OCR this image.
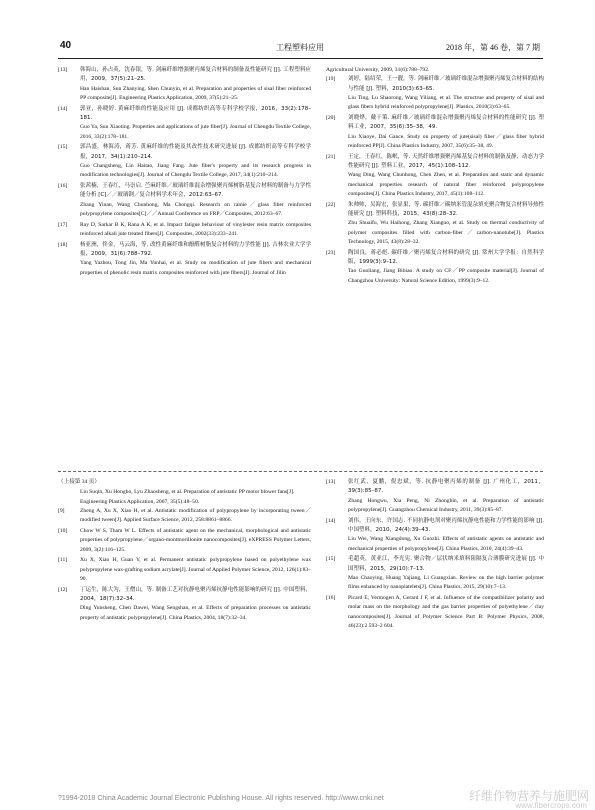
40	工程塑料应用	2018 年，第 46 卷，第 7 期
[13] 韩海山，孙占英，沈春银，等. 剑麻纤维增强聚丙烯复合材料的制备及性能研究 [J]. 工程塑料应用，2009，37(5):21–25.
Han Haishan, Sun Zhanying, Shen Chunyin, et al. Preparation and properties of sisal fiber reinforced PP composite[J]. Engineering Plastics Application, 2009, 37(5):21–25.
[14] 郭亚，孙晓婷. 黄麻纤维的性能及应用 [J]. 成都纺织高等专科学校学报，2016，33(2):178–181.
Guo Ya, Sun Xiaoting. Properties and applications of jute fiber[J]. Journal of Chengdu Textile College, 2016, 33(2):178–181.
[15] 郭昌盛，林海涛，蒋芳. 黄麻纤维的性能及其改性技术研究进展 [J]. 成都纺织高等专科学校学报，2017，34(1):210–214.
Guo Changsheng, Lin Haitao, Jiang Fang. Jute fiber's property and its research progress in modification technologies[J]. Journal of Chengdu Textile College, 2017, 34(1):210–214.
[16] 张茜楠，王春红，马崇启. 苎麻纤维／玻璃纤维混杂增强聚丙烯树脂基复合材料的制备与力学性能分析 [C]／／玻璃钢／复合材料学术年会，2012:63–67.
Zhang Yinan, Wang Chunhong, Ma Chongqi. Research on ramie／glass fiber reinforced polypropylene composites[C]／／Annual Conference on FRP／Composites, 2012:63–67.
[17] Ray D, Sarkar B K, Rana A K, et al. Impact fatigue behaviour of vinylester resin matrix composites reinforced alkali jute treated fibers[J]. Composites, 2002(33):233–241.
[18] 杨亚洲，佟金，马云海，等. 改性黄麻纤维和酚醛树脂复合材料的力学性能 [J]. 吉林农业大学学报，2009，31(6):788–792.
Yang Yazhou, Tong Jin, Ma Yunhai, et al. Study on modification of jute fibers and mechanical properties of phenolic resin matrix composites reinforced with jute fibers[J]. Journal of Jilin
Agricultural University, 2009, 31(6):788–792.
[19] 刘婷，陆绍荣，王一靓，等. 剑麻纤维／玻璃纤维混杂增强聚丙烯复合材料的结构与性能 [J]. 塑料，2010(3):63–65.
Liu Ting, Lu Shaorong, Wang Yiliang, et al. The structrue and property of sisal and glass fibers hybrid reinforced polypropylene[J]. Plastics, 2010(3):63–65.
[20] 刘晓烨，戴干策. 麻纤维／玻璃纤维混杂增强聚丙烯复合材料的性能研究 [J]. 塑料工业，2007，35(6):35–38，49.
Liu Xiaoye, Dai Gance. Study on property of jute(sisal) fiber／glass fiber hybrid reinforced PP[J]. China Plastics Industry, 2007, 35(6):35–38, 49.
[21] 王定，王春红，陈岷，等. 天然纤维增强聚丙烯基复合材料的制备及静、动态力学性能研究 [J]. 塑料工业，2017，45(1):108–112.
Wang Ding, Wang Chunhong, Chen Zhen, et al. Preparation and static and dynamic mechanical properties research of natural fiber reinforced polypropylene composites[J]. China Plastics Industry, 2017, 45(1):108–112.
[22] 朱帅帅，吴海宏，张显果，等. 碳纤维／碳纳米管混杂填充聚合物复合材料导热性能研究 [J]. 塑料科技，2015，43(8):28–32.
Zhu Shuaifu, Wu Haihong, Zhang Xianguo, et al. Study on thermal conductivity of polymer composites filled with carbon-fiber／carbon-nanotube[J]. Plastics Technology, 2015, 43(8):28–32.
[23] 陶国良，蒋必彪. 碳纤维／聚丙烯复合材料的研究 [J]. 常州大学学报：自然科学版，1999(3):9–12.
Tao Guoliang, Jiang Bibiao. A study on CF／PP composite material[J]. Journal of Changzhou University: Natural Science Edition, 1999(3):9–12.
（上接第 34 页）
Liu Suqin, Xu Hongbo, Lyu Zhaosheng, et al. Preparation of antistatic PP motor blower fans[J]. Engineering Plastics Application, 2007, 35(5):48–50.
[9]	Zheng A, Xu X, Xiao H, et al. Antistatic modification of polypropylene by incorporating tween／modified tween[J]. Applied Surface Science, 2012, 258:8861–8866.
[10] Chow W S, Tham W L. Effects of antistatic agent on the mechanical, morphological and antistatic properties of polypropylene／organo-montmorillonite nanocomposites[J]. eXPRESS Polymer Letters, 2009, 3(2):116–125.
[11] Xu X, Xiao H, Guan Y, et al. Permanent antistatic polypropylene based on polyethylene wax polypropylene wax-grafting sodium acrylate[J]. Journal of Applied Polymer Science, 2012, 126(1):83–90.
[12] 丁运生，陈大为，王僧山，等. 制备工艺对抗静电聚丙烯抗静电性能影响的研究 [J]. 中国塑料，2004，18(7):32–34.
Ding Yunsheng, Chen Dawei, Wang Sengshan, et al. Effects of preparation processes on antistatic property of antistatic polypropylene[J]. China Plastics, 2004, 18(7):32–34.
[13] 张红武，夏鹏，倪忠斌，等. 抗静电聚丙烯的制备 [J]. 广州化工，2011，39(3):85–87.
Zhang Hongwu, Xia Peng, Ni Zhongbin, et al. Preparation of antistatic polypropylene[J]. Guangzhou Chemical Industry, 2011, 39(3):85–87.
[14] 刘伟，王向东，许国志. 不同抗静电剂对聚丙烯抗静电性能和力学性能的影响 [J]. 中国塑料，2010，24(4):39–43.
Liu Wei, Wang Xiangdong, Xu Guozhi. Effects of antistatic agents on antistatic and mechanical properties of polypropylene[J]. China Plastics, 2010, 24(4):39–43.
[15] 毛超英，黄亚江，李光宪. 聚合物／层状纳米填料阻隔复合薄膜研究进展 [J]. 中国塑料，2015，29(10):7–13.
Mao Chaoying, Huang Yajiang, Li Guangxian. Review on the high barrier polymer films enhanced by nanoplatelets[J]. China Plastics, 2015, 29(10):7–13.
[16] Picard E, Vermogen A, Gerard J F, et al. Influence of the compatibilizer polarity and molar mass on the morphology and the gas barrier properties of polyethylene／clay nanocomposites[J]. Journal of Polymer Science Part B: Polymer Physics, 2008, 46(23):2 593–2 604.
?1994-2018 China Academic Journal Electronic Publishing House. All rights reserved. http://www.cnki.net	纤维作物营养与施肥网
www.fibercrops.com
